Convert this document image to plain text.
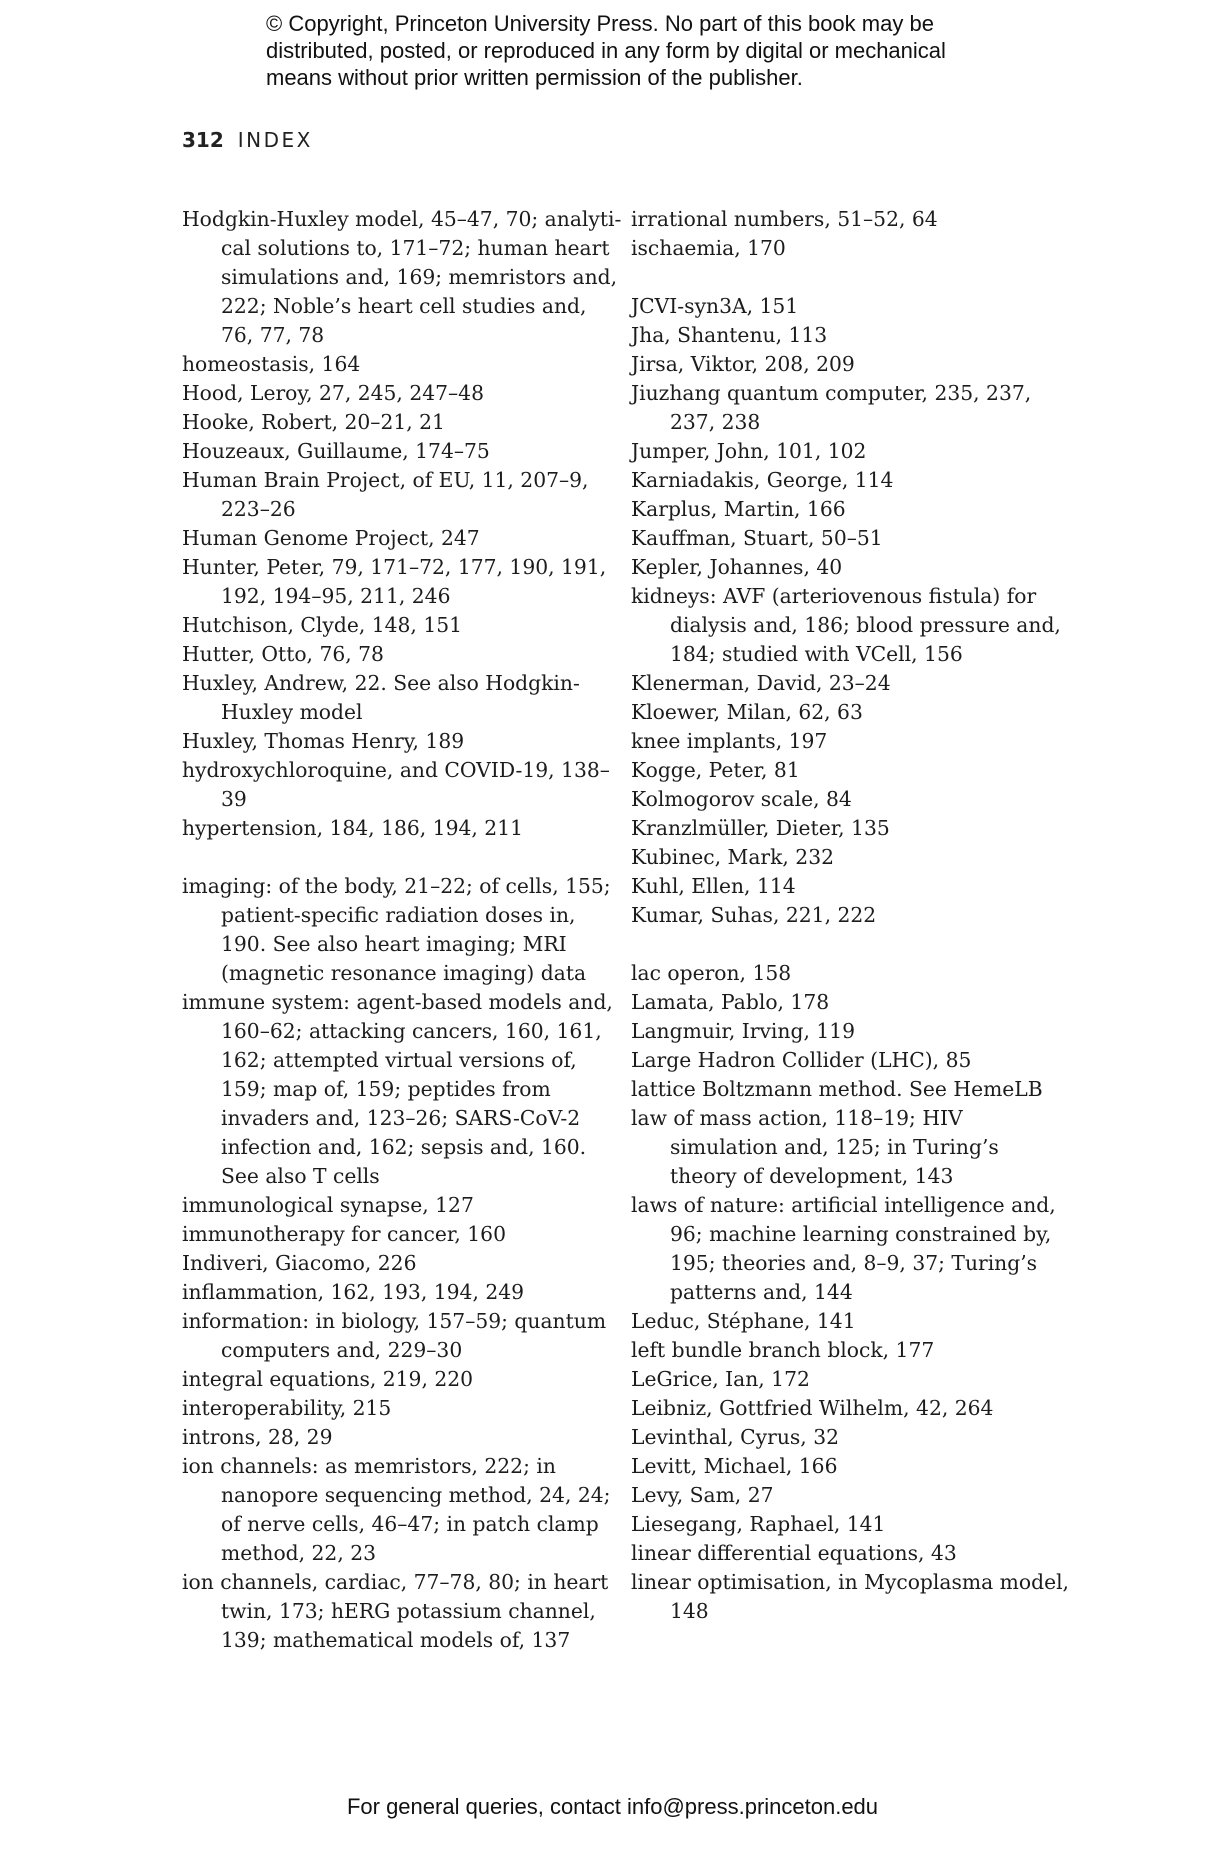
© Copyright, Princeton University Press. No part of this book may be
distributed, posted, or reproduced in any form by digital or mechanical
means without prior written permission of the publisher.
312 INDEX
Hodgkin-Huxley model, 45–47, 70; analytical solutions to, 171–72; human heart simulations and, 169; memristors and, 222; Noble’s heart cell studies and, 76, 77, 78
homeostasis, 164
Hood, Leroy, 27, 245, 247–48
Hooke, Robert, 20–21, 21
Houzeaux, Guillaume, 174–75
Human Brain Project, of EU, 11, 207–9, 223–26
Human Genome Project, 247
Hunter, Peter, 79, 171–72, 177, 190, 191, 192, 194–95, 211, 246
Hutchison, Clyde, 148, 151
Hutter, Otto, 76, 78
Huxley, Andrew, 22. See also Hodgkin-Huxley model
Huxley, Thomas Henry, 189
hydroxychloroquine, and COVID-19, 138–39
hypertension, 184, 186, 194, 211
imaging: of the body, 21–22; of cells, 155; patient-specific radiation doses in, 190. See also heart imaging; MRI (magnetic resonance imaging) data
immune system: agent-based models and, 160–62; attacking cancers, 160, 161, 162; attempted virtual versions of, 159; map of, 159; peptides from invaders and, 123–26; SARS-CoV-2 infection and, 162; sepsis and, 160. See also T cells
immunological synapse, 127
immunotherapy for cancer, 160
Indiveri, Giacomo, 226
inflammation, 162, 193, 194, 249
information: in biology, 157–59; quantum computers and, 229–30
integral equations, 219, 220
interoperability, 215
introns, 28, 29
ion channels: as memristors, 222; in nanopore sequencing method, 24, 24; of nerve cells, 46–47; in patch clamp method, 22, 23
ion channels, cardiac, 77–78, 80; in heart twin, 173; hERG potassium channel, 139; mathematical models of, 137
irrational numbers, 51–52, 64
ischaemia, 170
JCVI-syn3A, 151
Jha, Shantenu, 113
Jirsa, Viktor, 208, 209
Jiuzhang quantum computer, 235, 237, 237, 238
Jumper, John, 101, 102
Karniadakis, George, 114
Karplus, Martin, 166
Kauffman, Stuart, 50–51
Kepler, Johannes, 40
kidneys: AVF (arteriovenous fistula) for dialysis and, 186; blood pressure and, 184; studied with VCell, 156
Klenerman, David, 23–24
Kloewer, Milan, 62, 63
knee implants, 197
Kogge, Peter, 81
Kolmogorov scale, 84
Kranzlmüller, Dieter, 135
Kubinec, Mark, 232
Kuhl, Ellen, 114
Kumar, Suhas, 221, 222
lac operon, 158
Lamata, Pablo, 178
Langmuir, Irving, 119
Large Hadron Collider (LHC), 85
lattice Boltzmann method. See HemeLB
law of mass action, 118–19; HIV simulation and, 125; in Turing’s theory of development, 143
laws of nature: artificial intelligence and, 96; machine learning constrained by, 195; theories and, 8–9, 37; Turing’s patterns and, 144
Leduc, Stéphane, 141
left bundle branch block, 177
LeGrice, Ian, 172
Leibniz, Gottfried Wilhelm, 42, 264
Levinthal, Cyrus, 32
Levitt, Michael, 166
Levy, Sam, 27
Liesegang, Raphael, 141
linear differential equations, 43
linear optimisation, in Mycoplasma model, 148
For general queries, contact info@press.princeton.edu
